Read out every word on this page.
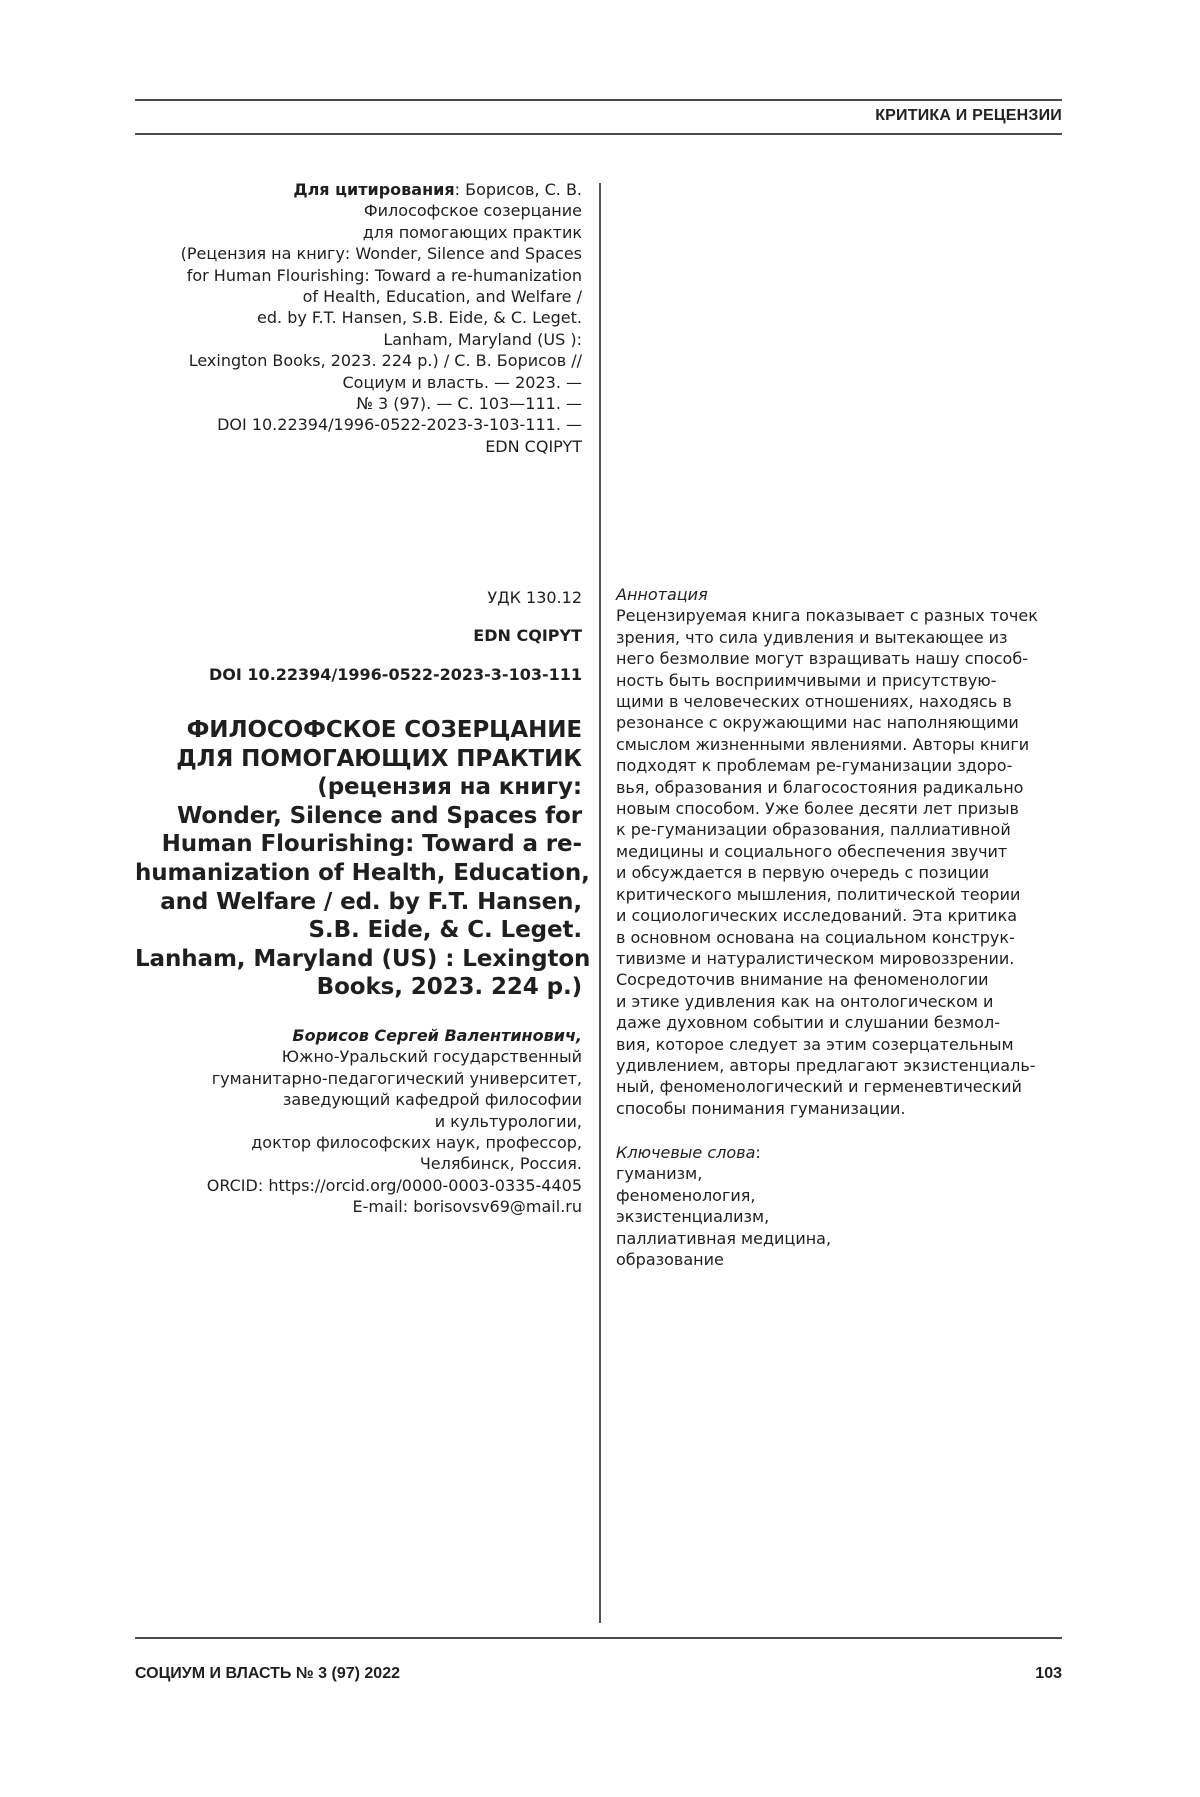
КРИТИКА И РЕЦЕНЗИИ
Для цитирования: Борисов, С. В.
Философское созерцание
для помогающих практик
(Рецензия на книгу: Wonder, Silence and Spaces
for Human Flourishing: Toward a re-humanization
of Health, Education, and Welfare /
ed. by F.T. Hansen, S.B. Eide, & C. Leget.
Lanham, Maryland (US ):
Lexington Books, 2023. 224 p.) / С. В. Борисов //
Социум и власть. — 2023. —
№ 3 (97). — С. 103—111. —
DOI 10.22394/1996-0522-2023-3-103-111. —
EDN CQIPYT
УДК 130.12
EDN CQIPYT
DOI 10.22394/1996-0522-2023-3-103-111
ФИЛОСОФСКОЕ СОЗЕРЦАНИЕ
ДЛЯ ПОМОГАЮЩИХ ПРАКТИК
(рецензия на книгу:
Wonder, Silence and Spaces for
Human Flourishing: Toward a re-
humanization of Health, Education,
and Welfare / ed. by F.T. Hansen,
S.B. Eide, & C. Leget.
Lanham, Maryland (US) : Lexington
Books, 2023. 224 p.)
Борисов Сергей Валентинович,
Южно-Уральский государственный
гуманитарно-педагогический университет,
заведующий кафедрой философии
и культурологии,
доктор философских наук, профессор,
Челябинск, Россия.
ORCID: https://orcid.org/0000-0003-0335-4405
E-mail: borisovsv69@mail.ru
Аннотация
Рецензируемая книга показывает с разных точек
зрения, что сила удивления и вытекающее из
него безмолвие могут взращивать нашу способ-
ность быть восприимчивыми и присутствую-
щими в человеческих отношениях, находясь в
резонансе с окружающими нас наполняющими
смыслом жизненными явлениями. Авторы книги
подходят к проблемам ре-гуманизации здоро-
вья, образования и благосостояния радикально
новым способом. Уже более десяти лет призыв
к ре-гуманизации образования, паллиативной
медицины и социального обеспечения звучит
и обсуждается в первую очередь с позиции
критического мышления, политической теории
и социологических исследований. Эта критика
в основном основана на социальном конструк-
тивизме и натуралистическом мировоззрении.
Сосредоточив внимание на феноменологии
и этике удивления как на онтологическом и
даже духовном событии и слушании безмол-
вия, которое следует за этим созерцательным
удивлением, авторы предлагают экзистенциаль-
ный, феноменологический и герменевтический
способы понимания гуманизации.
Ключевые слова:
гуманизм,
феноменология,
экзистенциализм,
паллиативная медицина,
образование
СОЦИУМ И ВЛАСТЬ № 3 (97) 2022	103
